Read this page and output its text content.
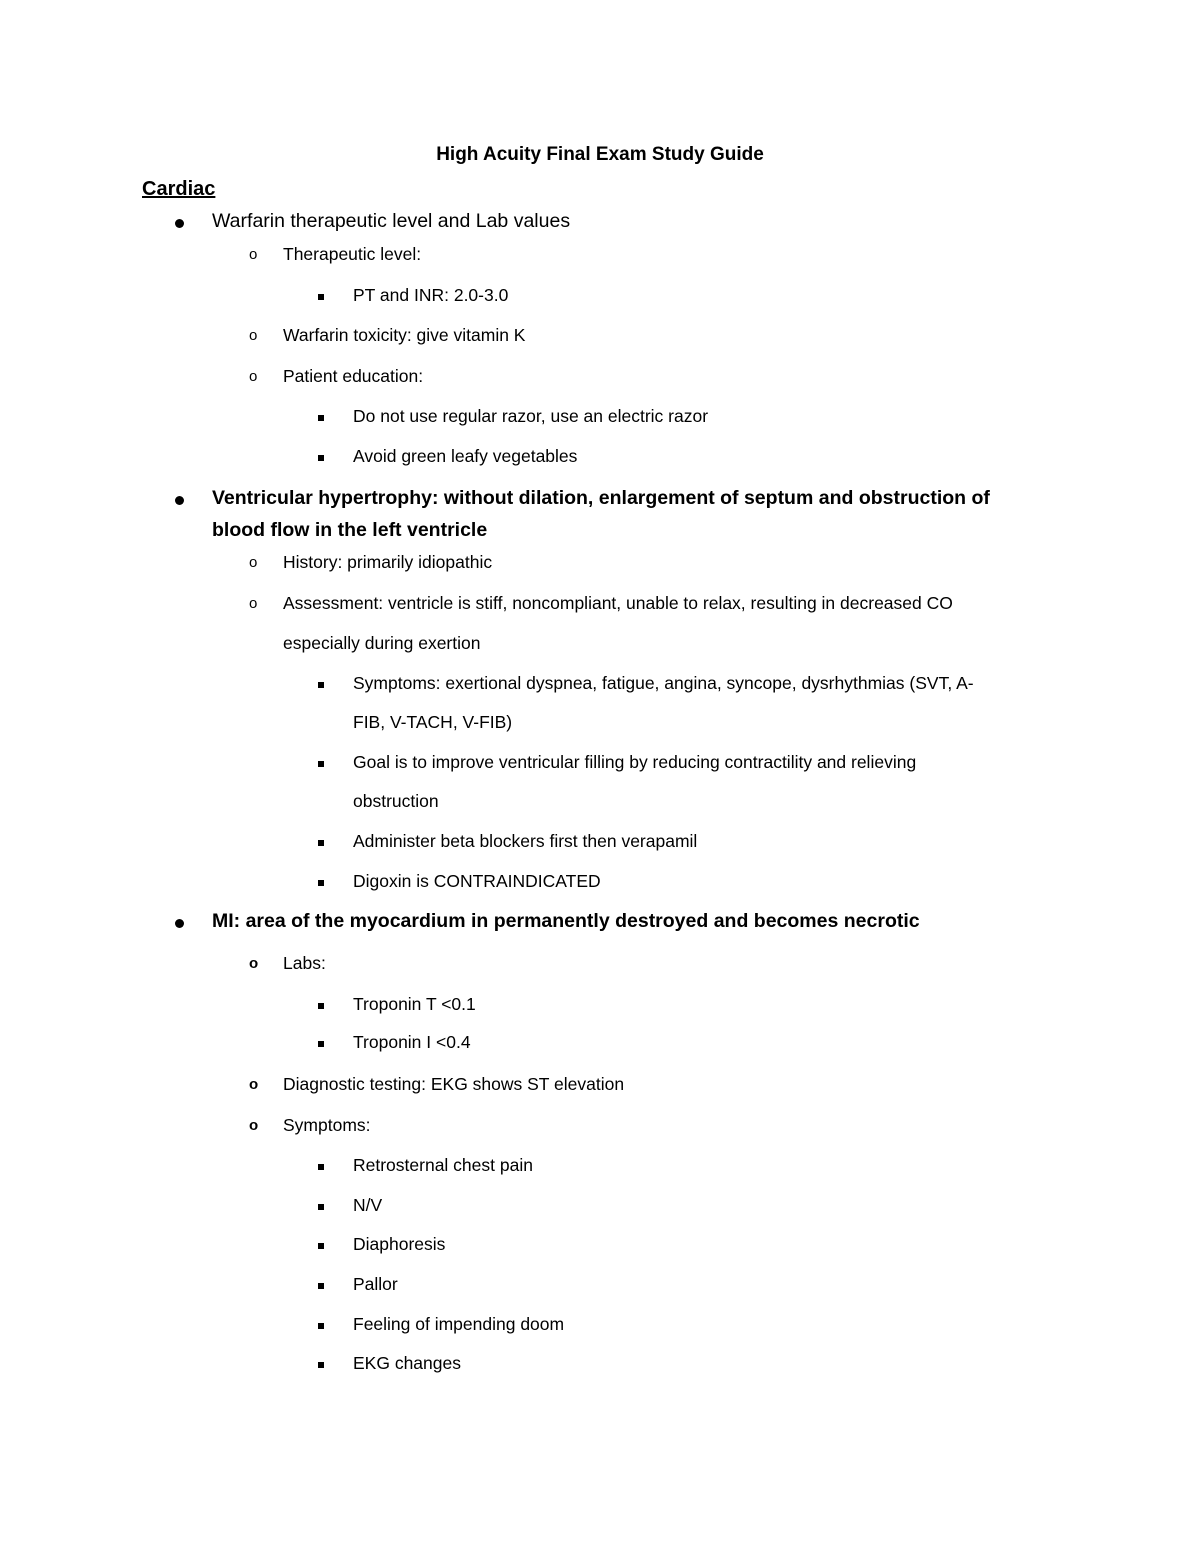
High Acuity Final Exam Study Guide
Cardiac
Warfarin therapeutic level and Lab values
o Therapeutic level:
PT and INR: 2.0-3.0
o Warfarin toxicity: give vitamin K
o Patient education:
Do not use regular razor, use an electric razor
Avoid green leafy vegetables
Ventricular hypertrophy: without dilation, enlargement of septum and obstruction of
blood flow in the left ventricle
o History: primarily idiopathic
o Assessment: ventricle is stiff, noncompliant, unable to relax, resulting in decreased CO
especially during exertion
Symptoms: exertional dyspnea, fatigue, angina, syncope, dysrhythmias (SVT, A-
FIB, V-TACH, V-FIB)
Goal is to improve ventricular filling by reducing contractility and relieving
obstruction
Administer beta blockers first then verapamil
Digoxin is CONTRAINDICATED
MI: area of the myocardium in permanently destroyed and becomes necrotic
o Labs:
Troponin T <0.1
Troponin I <0.4
o Diagnostic testing: EKG shows ST elevation
o Symptoms:
Retrosternal chest pain
N/V
Diaphoresis
Pallor
Feeling of impending doom
EKG changes
